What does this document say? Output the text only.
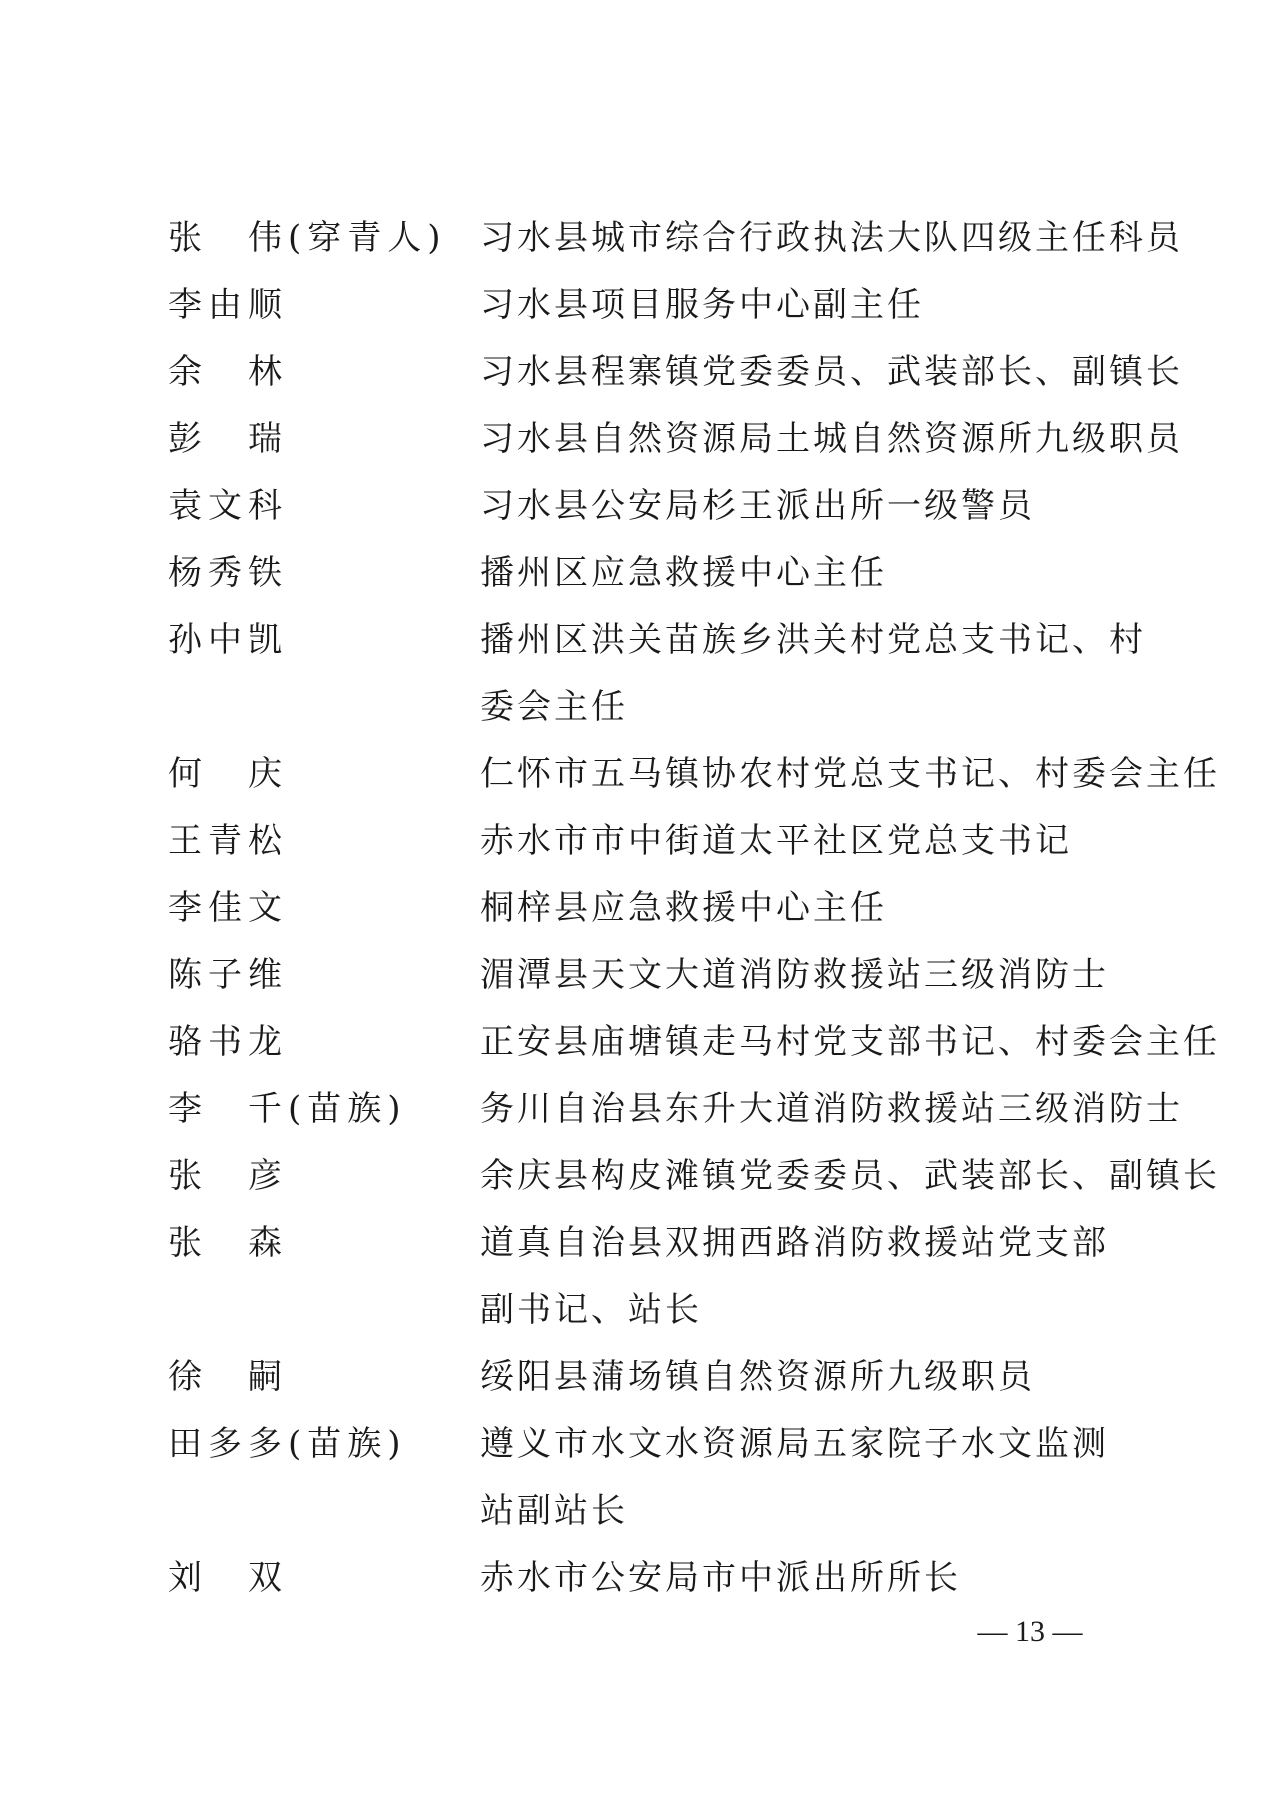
张　伟(穿青人) 习水县城市综合行政执法大队四级主任科员
李由顺	习水县项目服务中心副主任
余　林	习水县程寨镇党委委员、武装部长、副镇长
彭　瑞	习水县自然资源局土城自然资源所九级职员
袁文科	习水县公安局杉王派出所一级警员
杨秀铁	播州区应急救援中心主任
孙中凯	播州区洪关苗族乡洪关村党总支书记、村
委会主任
何　庆	仁怀市五马镇协农村党总支书记、村委会主任
王青松	赤水市市中街道太平社区党总支书记
李佳文	桐梓县应急救援中心主任
陈子维	湄潭县天文大道消防救援站三级消防士
骆书龙	正安县庙塘镇走马村党支部书记、村委会主任
李　千(苗族) 务川自治县东升大道消防救援站三级消防士
张　彦	余庆县构皮滩镇党委委员、武装部长、副镇长
张　森	道真自治县双拥西路消防救援站党支部
副书记、站长
徐　嗣	绥阳县蒲场镇自然资源所九级职员
田多多(苗族) 遵义市水文水资源局五家院子水文监测
站副站长
刘　双	赤水市公安局市中派出所所长
— 13 —
